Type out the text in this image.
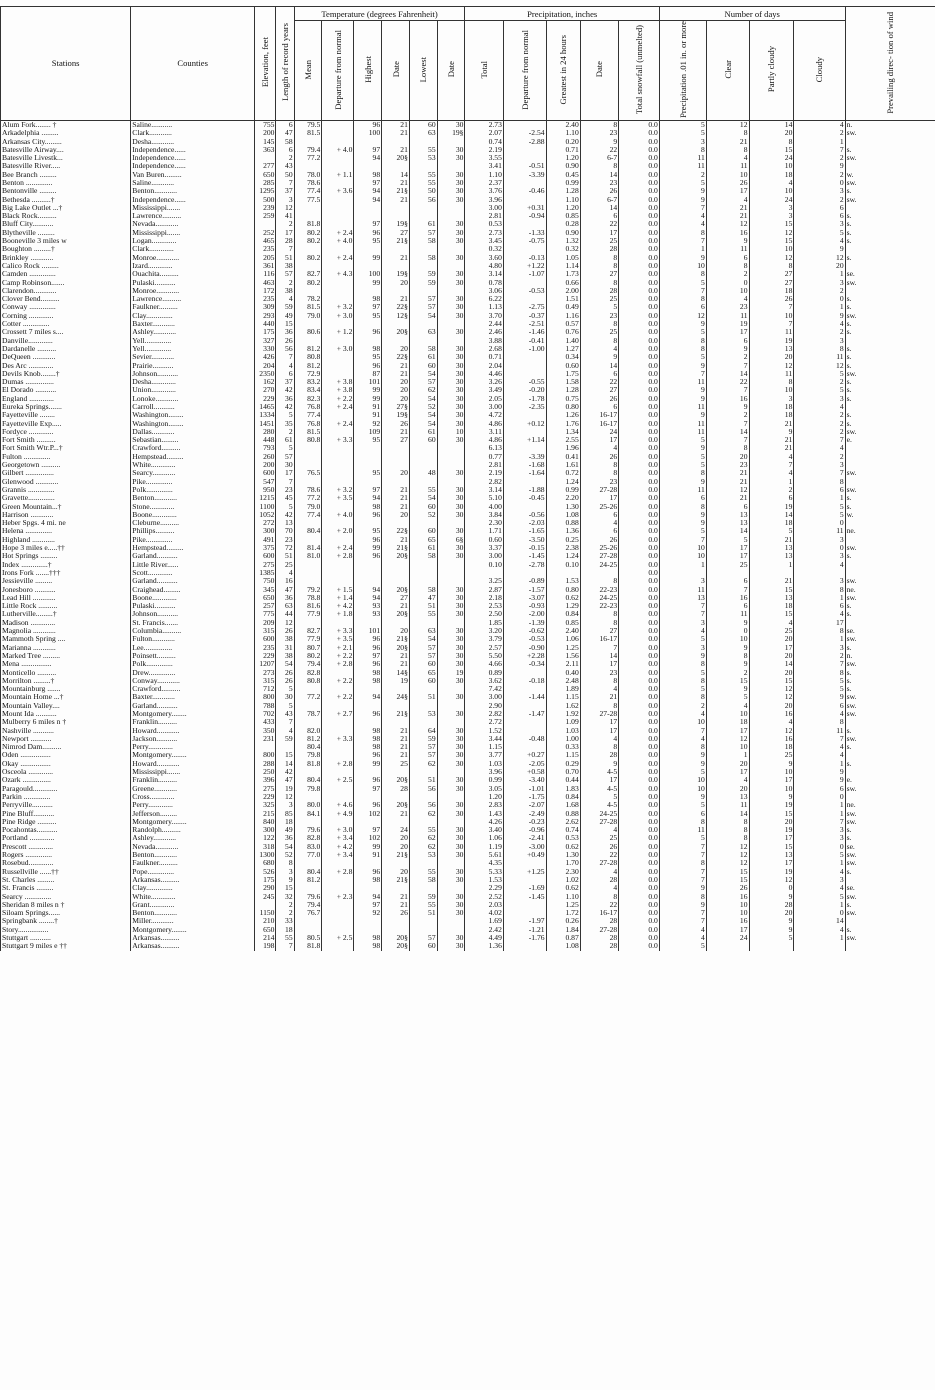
Stations	Counties	Elevation, feet	Length of record years	Temperature (degrees Fahrenheit)						Precipitation, inches					Number of days				Prevailing direc- tion of wind
				Mean	Departure from normal	Highest	Date	Lowest	Date	Total	Departure from normal	Greatest in 24 hours	Date	Total snowfall (unmelted)	Precipitation .01 in. or more	Clear	Partly cloudy	Cloudy	
Alum Fork........ †	Saline...........	755	6	79.5		96	21	60	30	2.73		2.40	8	0.0	5	12	14	4	n.
Arkadelphia .........	Clark............	200	47	81.5		100	21	63	19§	2.07	-2.54	1.10	23	0.0	5	8	20	2	sw.
Arkansas City.........	Desha............	145	58							0.74	-2.88	0.20	9	0.0	3	21	8	1	
Batesville Airway....	Independence......	363	6	79.4	+ 4.0	97	21	55	30	2.19		0.71	22	0.0	8	8	15	7	s.
Batesville Livestk...	Independence......		2	77.2		94	20§	53	30	3.55		1.20	6-7	0.0	11	4	24	2	sw.
Batesville River.....	Independence......	277	43							3.41	-0.51	0.90	8	0.0	11	11	10	9	
Bee Branch .........	Van Buren.........	650	50	78.0	+ 1.1	98	14	55	30	1.10	-3.39	0.45	14	0.0	2	10	18	2	w.
Benton ..............	Saline............	285	7	78.6		97	21	55	30	2.37		0.99	23	0.0	5	26	4	0	sw.
Bentonville .........	Benton............	1295	37	77.4	+ 3.6	94	21§	50	30	3.76	-0.46	1.28	26	0.0	9	17	10	3	s.
Bethesda ..........†	Independence......	500	3	77.5		94	21	56	30	3.96		1.10	6-7	0.0	9	4	24	2	sw.
Big Lake Outlet ...†	Mississippi.......	239	12							3.00	+0.31	1.20	14	0.0	7	21	3	6	
Black Rock..........	Lawrence..........	259	41							2.81	-0.94	0.85	6	0.0	4	21	3	6	s.
Bluff City...........	Nevada............		2	81.8		97	19§	61	30	0.53		0.28	22	0.0	4	12	15	3	s.
Blytheville .........	Mississippi.......	252	17	80.2	+ 2.4	96	27	57	30	2.73	-1.33	0.90	17	0.0	8	16	12	5	s.
Booneville 3 miles w	Logan.............	465	28	80.2	+ 4.0	95	21§	58	30	3.45	-0.75	1.32	25	0.0	7	9	15	4	s.
Boughton .........†	Clark.............	235	7							0.32		0.32	28	0.0	1	11	10	9	
Brinkley ............	Monroe............	205	51	80.2	+ 2.4	99	21	58	30	3.60	-0.13	1.05	8	0.0	9	6	12	12	s.
Calico Rock .........	Izard.............	361	38							4.80	+1.22	1.14	8	0.0	10	8	8	20	
Camden ..............	Ouachita..........	116	57	82.7	+ 4.3	100	19§	59	30	3.14	-1.07	1.73	27	0.0	8	2	27	1	se.
Camp Robinson.......	Pulaski...........	463	2	80.2		99	20	59	30	0.78		0.66	8	0.0	5	0	27	3	sw.
Clarendon............	Monroe............	172	38							3.06	-0.53	2.00	28	0.0	7	10	18	2	
Clover Bend..........	Lawrence..........	235	4	78.2		98	21	57	30	6.22		1.51	25	0.0	8	4	26	0	s.
Conway ..............	Faulkner..........	309	59	81.5	+ 3.2	97	22§	57	30	1.13	-2.75	0.49	5	0.0	6	23	7	1	s.
Corning .............	Clay..............	293	49	79.0	+ 3.0	95	12§	54	30	3.70	-0.37	1.16	23	0.0	12	11	10	9	sw.
Cotter ..............	Baxter............	440	15							2.44	-2.51	0.57	8	0.0	9	19	7	4	s.
Crossett 7 miles s....	Ashley............	175	36	80.6	+ 1.2	96	20§	63	30	2.46	-1.46	0.76	25	0.0	5	17	11	2	s.
Danville.............	Yell..............	327	26							3.88	-0.41	1.40	8	0.0	8	6	19	3	
Dardanelle ..........	Yell..............	330	56	81.2	+ 3.0	98	20	58	30	2.68	-1.00	1.27	4	0.0	8	9	13	8	s.
DeQueen ............	Sevier............	426	7	80.8		95	22§	61	30	0.71		0.34	9	0.0	5	2	20	11	s.
Des Arc .............	Prairie...........	204	4	81.2		96	21	60	30	2.04		0.60	14	0.0	9	7	12	12	s.
Devils Knob........†	Johnson...........	2350	6	72.9		87	21	54	30	4.46		1.75	6	0.0	7	14	11	5	sw.
Dumas ...............	Desha.............	162	37	83.2	+ 3.8	101	20	57	30	3.26	-0.55	1.58	22	0.0	11	22	8	2	s.
El Dorado ...........	Union.............	270	42	83.4	+ 3.8	99	20	62	30	3.49	-0.20	1.28	27	0.0	9	7	10	5	s.
England .............	Lonoke............	229	36	82.3	+ 2.2	99	20	54	30	2.05	-1.78	0.75	26	0.0	9	16	3	3	s.
Eureka Springs.......	Carroll...........	1465	42	76.8	+ 2.4	91	27§	52	30	3.00	-2.35	0.80	6	0.0	11	9	18	4	
Fayetteville ........	Washington........	1334	5	77.4		91	19§	54	30	4.72		1.26	16-17	0.0	9	2	18	2	s.
Fayetteville Exp.....	Washington........	1451	35	76.8	+ 2.4	92	26	54	30	4.86	+0.12	1.76	16-17	0.0	11	7	21	2	s.
Fordyce .............	Dallas............	280	2	81.5		109	21	61	10	3.11		1.34	24	0.0	11	14	9	2	sw.
Fort Smith ..........	Sebastian.........	448	61	80.8	+ 3.3	95	27	60	30	4.86	+1.14	2.55	17	0.0	5	7	21	7	e.
Fort Smith Wtr.P...†	Crawford..........	793	5							6.13		1.96	4	0.0	9	8	21	4	
Fulton ..............	Hempstead.........	260	57							0.77	-3.39	0.41	26	0.0	5	20	4	2	
Georgetown ..........	White.............	200	30							2.81	-1.68	1.61	8	0.0	5	23	7	3	
Gilbert ...............	Searcy............	600	17	76.5		95	20	48	30	2.19	-1.64	0.72	8	0.0	8	21	4	7	sw.
Glenwood ............	Pike..............	547	7							2.82		1.24	23	0.0	9	21	1	8	
Grannis ..............	Polk..............	950	23	78.6	+ 3.2	97	21	55	30	3.14	-1.88	0.99	27-28	0.0	11	12	2	6	sw.
Gravette..............	Benton............	1215	45	77.2	+ 3.5	94	21	54	30	5.10	-0.45	2.20	17	0.0	6	21	6	1	s.
Green Mountain...†	Stone.............	1100	5	79.0		98	21	60	30	4.00		1.30	25-26	0.0	8	6	19	5	s.
Harrison ............	Boone.............	1052	42	77.4	+ 4.0	96	20	52	30	3.84	-0.56	1.08	6	0.0	9	13	14	5	w.
Heber Spgs. 4 mi. ne	Cleburne..........	272	13							2.30	-2.03	0.88	4	0.0	9	13	18	0	
Helena ..............	Phillips..........	300	70	80.4	+ 2.0	95	22§	60	30	1.71	-1.65	1.36	6	0.0	5	14	5	11	ne.
Highland ............	Pike..............	491	23			96	21	65	6§	0.60	-3.50	0.25	26	0.0	7	5	21	3	
Hope 3 miles e.....††	Hempstead.........	375	72	81.4	+ 2.4	99	21§	61	30	3.37	-0.15	2.38	25-26	0.0	10	17	13	0	sw.
Hot Springs .........	Garland...........	600	51	81.0	+ 2.8	96	20§	58	30	3.00	-1.45	1.24	27-28	0.0	10	17	13	3	s.
Index ..............†	Little River......	275	25							0.10	-2.78	0.10	24-25	0.0	1	25	1	4	
Irons Fork .......†††	Scott.............	1385	4											0.0					
Jessieville .........	Garland...........	750	16							3.25	-0.89	1.53	8	0.0	3	6	21	3	sw.
Jonesboro ...........	Craighead.........	345	47	79.2	+ 1.5	94	20§	58	30	2.87	-1.57	0.80	22-23	0.0	11	7	15	8	ne.
Lead Hill ............	Boone.............	650	36	78.8	+ 1.4	94	27	47	30	2.18	-3.07	0.62	24-25	0.0	13	16	13	1	sw.
Little Rock ..........	Pulaski...........	257	63	81.6	+ 4.2	93	21	51	30	2.53	-0.93	1.29	22-23	0.0	7	6	18	6	s.
Lutherville.........†	Johnson...........	775	44	77.9	+ 1.8	93	20§	55	30	2.50	-2.00	0.84	8	0.0	7	11	15	4	s.
Madison .............	St. Francis.......	209	12							1.85	-1.39	0.85	8	0.0	3	9	4	17	
Magnolia ............	Columbia..........	315	26	82.7	+ 3.3	101	20	63	30	3.20	-0.62	2.40	27	0.0	4	0	25	8	se.
Mammoth Spring ....	Fulton............	600	38	77.9	+ 3.5	96	21§	54	30	3.79	-0.53	1.06	16-17	0.0	5	10	20	1	sw.
Marianna ............	Lee...............	235	31	80.7	+ 2.1	96	20§	57	30	2.57	-0.90	1.25	7	0.0	3	9	17	3	s.
Marked Tree .........	Poinsett..........	229	38	80.2	+ 2.2	97	21	57	30	5.50	+2.28	1.56	14	0.0	9	8	20	2	n.
Mena ................	Polk..............	1207	54	79.4	+ 2.8	96	21	60	30	4.66	-0.34	2.11	17	0.0	8	9	14	7	sw.
Monticello ..........	Drew..............	273	26	82.8		98	14§	65	19	0.89		0.40	23	0.0	5	2	20	8	s.
Morrilton .........†	Conway............	315	26	80.8	+ 2.2	98	19	60	30	3.62	-0.18	2.48	8	0.0	8	15	15	5	s.
Mountainburg .......	Crawford..........	712	5							7.42		1.89	4	0.0	5	9	12	5	s.
Mountain Home ...†	Baxter............	800	30	77.2	+ 2.2	94	24§	51	30	3.00	-1.44	1.15	21	0.0	8	5	12	9	sw.
Mountain Valley....	Garland...........	788	5							2.90		1.62	8	0.0	2	4	20	6	sw.
Mount Ida ...........	Montgomery........	702	43	78.7	+ 2.7	96	21§	53	30	2.82	-1.47	1.92	27-28	0.0	4	10	16	4	sw.
Mulberry 6 miles n †	Franklin..........	433	7							2.72		1.09	17	0.0	10	18	4	8	
Nashville ...........	Howard............	350	4	82.0		98	21	64	30	1.52		1.03	17	0.0	7	17	12	11	s.
Newport ...........	Jackson...........	231	59	81.2	+ 3.3	98	21	59	30	3.44	-0.48	1.00	4	0.0	4	12	16	7	sw.
Nimrod Dam..........	Perry.............			80.4		98	21	57	30	1.15		0.33	8	0.0	8	10	18	4	s.
Oden ................	Montgomery........	800	15	79.8		96	21	57	30	3.77	+0.27	1.15	28	0.0	9	1	25	4	
Okay ................	Howard............	288	14	81.8	+ 2.8	99	25	62	30	1.03	-2.05	0.29	9	0.0	9	20	9	1	s.
Osceola .............	Mississippi.......	250	42							3.96	+0.58	0.70	4-5	0.0	5	17	10	9	
Ozark ...............	Franklin..........	396	47	80.4	+ 2.5	96	20§	51	30	0.99	-3.40	0.44	17	0.0	10	4	17	9	e.
Paragould.............	Greene............	275	19	79.8		97	28	56	30	3.05	-1.01	1.83	4-5	0.0	10	20	10	6	sw.
Parkin ..............	Cross.............	229	12							1.20	-1.75	0.84	5	0.0	9	13	9	0	
Perryville...........	Perry.............	325	3	80.0	+ 4.6	96	20§	56	30	2.83	-2.07	1.68	4-5	0.0	5	11	19	1	ne.
Pine Bluff...........	Jefferson.........	215	85	84.1	+ 4.9	102	21	62	30	1.43	-2.49	0.88	24-25	0.0	6	14	15	1	sw.
Pine Ridge ..........	Montgomery........	840	18							4.26	-0.23	2.62	27-28	0.0	8	8	20	7	sw.
Pocahontas...........	Randolph..........	300	49	79.6	+ 3.0	97	24	55	30	3.40	-0.96	0.74	4	0.0	11	8	19	3	s.
Portland .............	Ashley............	122	36	82.8	+ 3.4	102	20	62	30	1.06	-2.41	0.53	25	0.0	5	8	17	3	s.
Prescott .............	Nevada............	318	54	83.0	+ 4.2	99	20	62	30	1.19	-3.00	0.62	26	0.0	7	12	15	0	se.
Rogers ..............	Benton............	1300	52	77.0	+ 3.4	91	21§	53	30	5.61	+0.49	1.30	22	0.0	7	12	13	5	sw.
Rosebud.............	Faulkner..........	680	8							4.35		1.70	27-28	0.0	8	12	17	1	sw.
Russellville ......††	Pope..............	526	3	80.4	+ 2.8	96	20	55	30	5.33	+1.25	2.30	4	0.0	7	15	19	4	s.
St. Charles .........	Arkansas..........	175	9	81.2		98	21§	58	30	1.53		1.02	28	0.0	7	15	12	3	
St. Francis .........	Clay..............	290	15							2.29	-1.69	0.62	4	0.0	9	26	0	4	se.
Searcy ..............	White.............	245	32	79.6	+ 2.3	94	21	59	30	2.52	-1.45	1.10	8	0.0	8	16	9	5	sw.
Sheridan 8 miles n †	Grant.............		2	79.4		97	21	55	30	2.03		1.25	22	0.0	9	10	28	1	s.
Siloam Springs......	Benton............	1150	2	76.7		92	26	51	30	4.02		1.72	16-17	0.0	7	10	20	0	sw.
Springbank ........†	Miller............	210	33							1.69	-1.97	0.26	28	0.0	7	16	9	14	
Story................	Montgomery........	650	18							2.42	-1.21	1.84	27-28	0.0	4	17	9	4	s.
Stuttgart ...........	Arkansas..........	214	55	80.5	+ 2.5	98	20§	57	30	4.49	-1.76	0.87	28	0.0	4	24	5	1	sw.
Stuttgart 9 miles e ††	Arkansas..........	198	7	81.8		98	20§	60	30	1.36		1.08	28	0.0	5				
